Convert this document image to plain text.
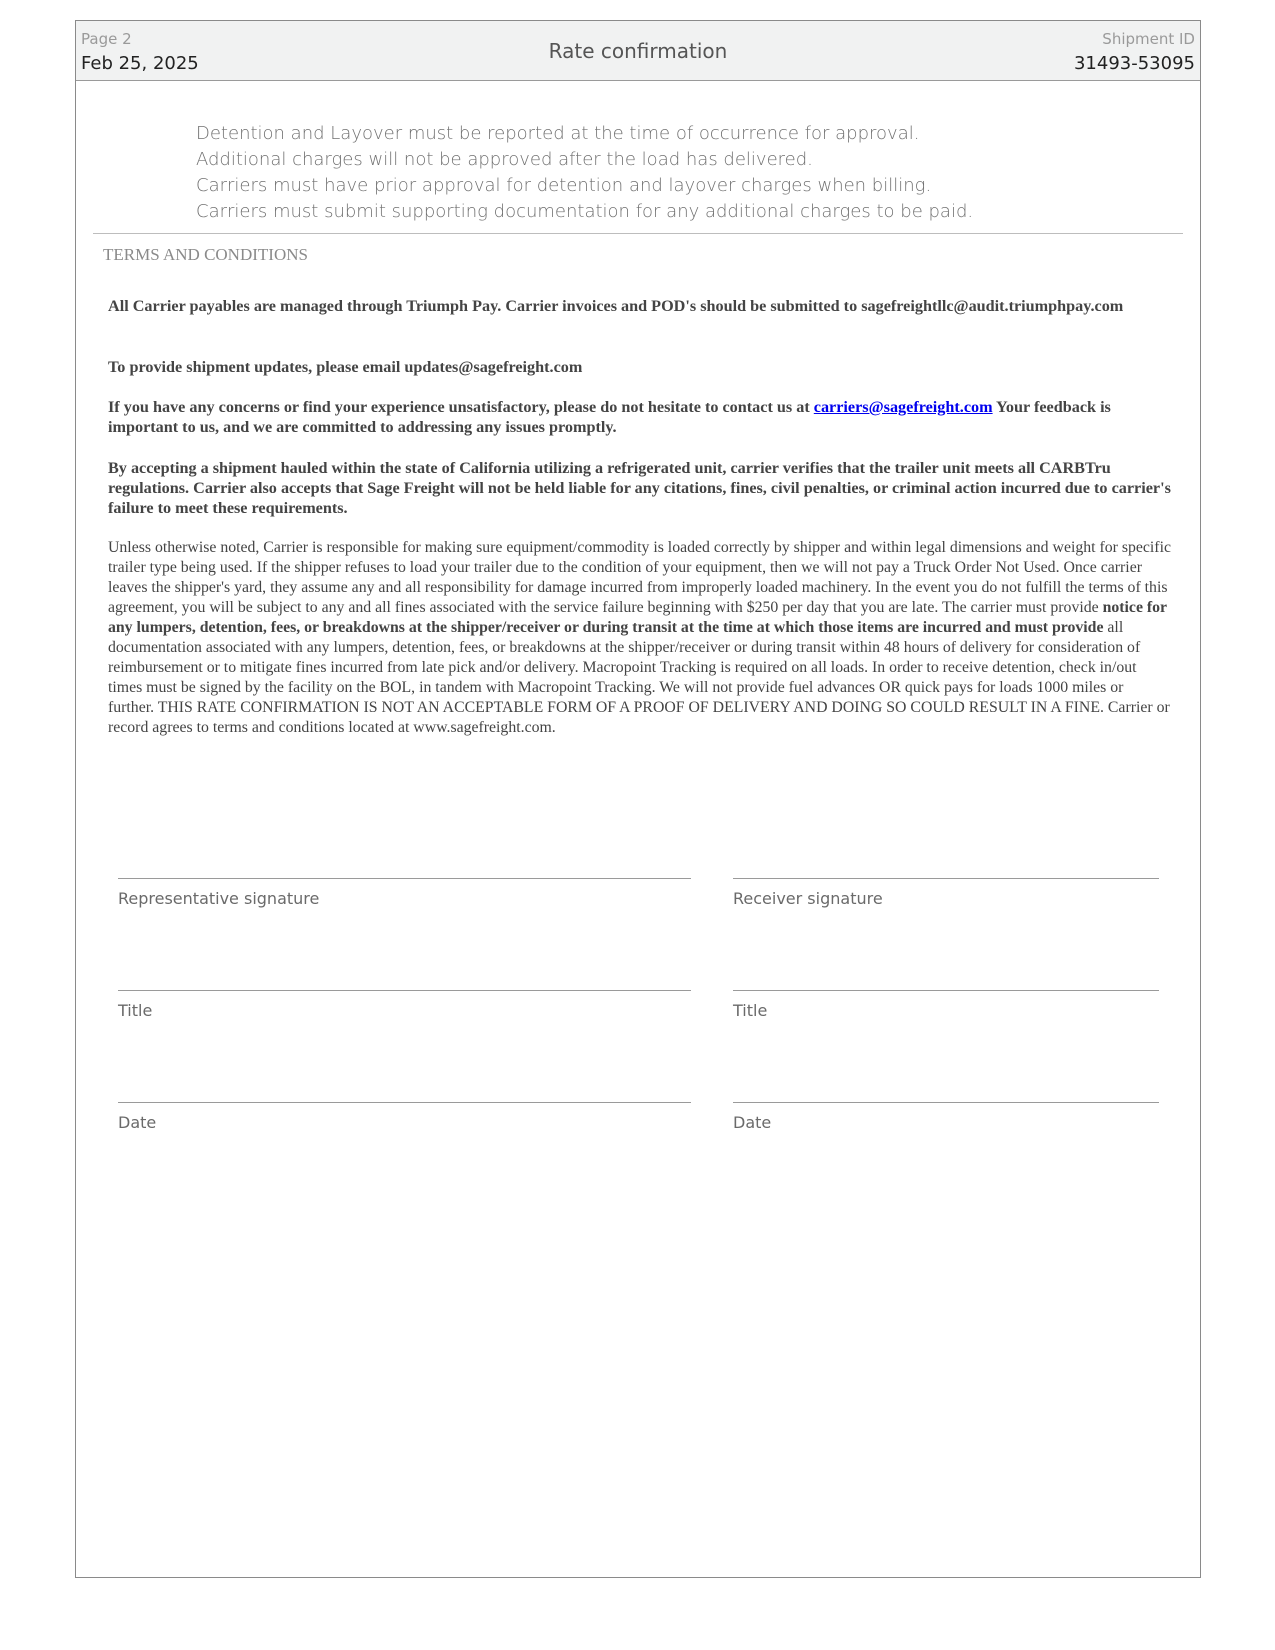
Page 2
Feb 25, 2025
Rate confirmation	Shipment ID
31493-53095
Detention and Layover must be reported at the time of occurrence for approval.
Additional charges will not be approved after the load has delivered.
Carriers must have prior approval for detention and layover charges when billing.
Carriers must submit supporting documentation for any additional charges to be paid.
TERMS AND CONDITIONS
All Carrier payables are managed through Triumph Pay. Carrier invoices and POD's should be submitted to sagefreightllc@audit.triumphpay.com
To provide shipment updates, please email updates@sagefreight.com
If you have any concerns or find your experience unsatisfactory, please do not hesitate to contact us at carriers@sagefreight.com Your feedback is important to us, and we are committed to addressing any issues promptly.
By accepting a shipment hauled within the state of California utilizing a refrigerated unit, carrier verifies that the trailer unit meets all CARBTru regulations. Carrier also accepts that Sage Freight will not be held liable for any citations, fines, civil penalties, or criminal action incurred due to carrier's failure to meet these requirements.
Unless otherwise noted, Carrier is responsible for making sure equipment/commodity is loaded correctly by shipper and within legal dimensions and weight for specific trailer type being used. If the shipper refuses to load your trailer due to the condition of your equipment, then we will not pay a Truck Order Not Used. Once carrier leaves the shipper's yard, they assume any and all responsibility for damage incurred from improperly loaded machinery. In the event you do not fulfill the terms of this agreement, you will be subject to any and all fines associated with the service failure beginning with $250 per day that you are late. The carrier must provide notice for any lumpers, detention, fees, or breakdowns at the shipper/receiver or during transit at the time at which those items are incurred and must provide all documentation associated with any lumpers, detention, fees, or breakdowns at the shipper/receiver or during transit within 48 hours of delivery for consideration of reimbursement or to mitigate fines incurred from late pick and/or delivery. Macropoint Tracking is required on all loads. In order to receive detention, check in/out times must be signed by the facility on the BOL, in tandem with Macropoint Tracking. We will not provide fuel advances OR quick pays for loads 1000 miles or further. THIS RATE CONFIRMATION IS NOT AN ACCEPTABLE FORM OF A PROOF OF DELIVERY AND DOING SO COULD RESULT IN A FINE. Carrier or record agrees to terms and conditions located at www.sagefreight.com.
Representative signature	Receiver signature
Title	Title
Date	Date
